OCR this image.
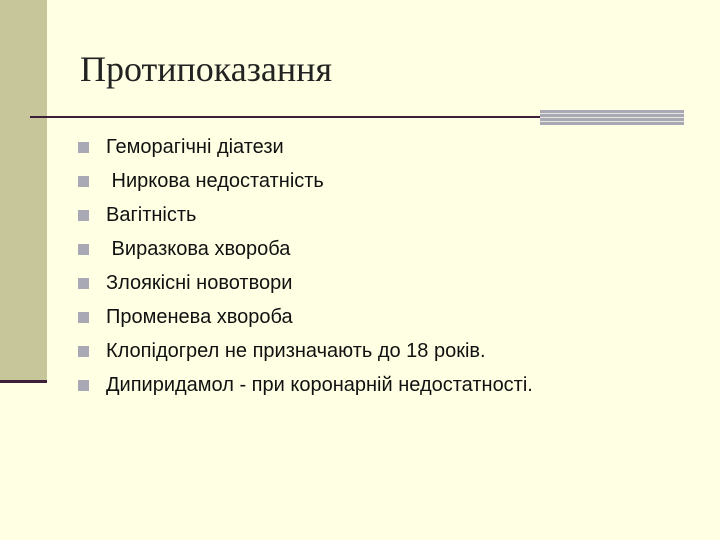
Протипоказання
Геморагічні діатези
Ниркова недостатність
Вагітність
Виразкова хвороба
Злоякісні новотвори
Променева хвороба
Клопідогрел не призначають до 18 років.
Дипиридамол - при коронарній недостатності.
